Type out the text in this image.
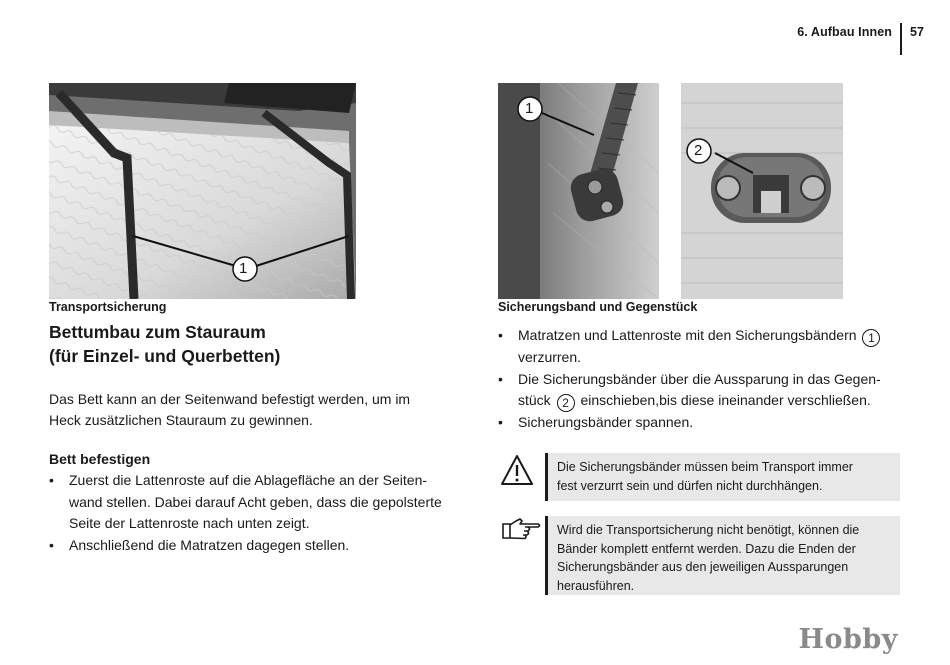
6. Aufbau Innen 57
1
Transportsicherung
Bettumbau zum Stauraum
(für Einzel- und Querbetten)
Das Bett kann an der Seitenwand befestigt werden, um im
Heck zusätzlichen Stauraum zu gewinnen.
Bett befestigen
• Zuerst die Lattenroste auf die Ablagefläche an der Seiten-
wand stellen. Dabei darauf Acht geben, dass die gepolsterte
Seite der Lattenroste nach unten zeigt.
• Anschließend die Matratzen dagegen stellen.
1
2
Sicherungsband und Gegenstück
• Matratzen und Lattenroste mit den Sicherungsbändern 1
verzurren.
• Die Sicherungsbänder über die Aussparung in das Gegen-
stück 2 einschieben,bis diese ineinander verschließen.
• Sicherungsbänder spannen.
Die Sicherungsbänder müssen beim Transport immer
fest verzurrt sein und dürfen nicht durchhängen.
Wird die Transportsicherung nicht benötigt, können die
Bänder komplett entfernt werden. Dazu die Enden der
Sicherungsbänder aus den jeweiligen Aussparungen
herausführen.
Hobby
